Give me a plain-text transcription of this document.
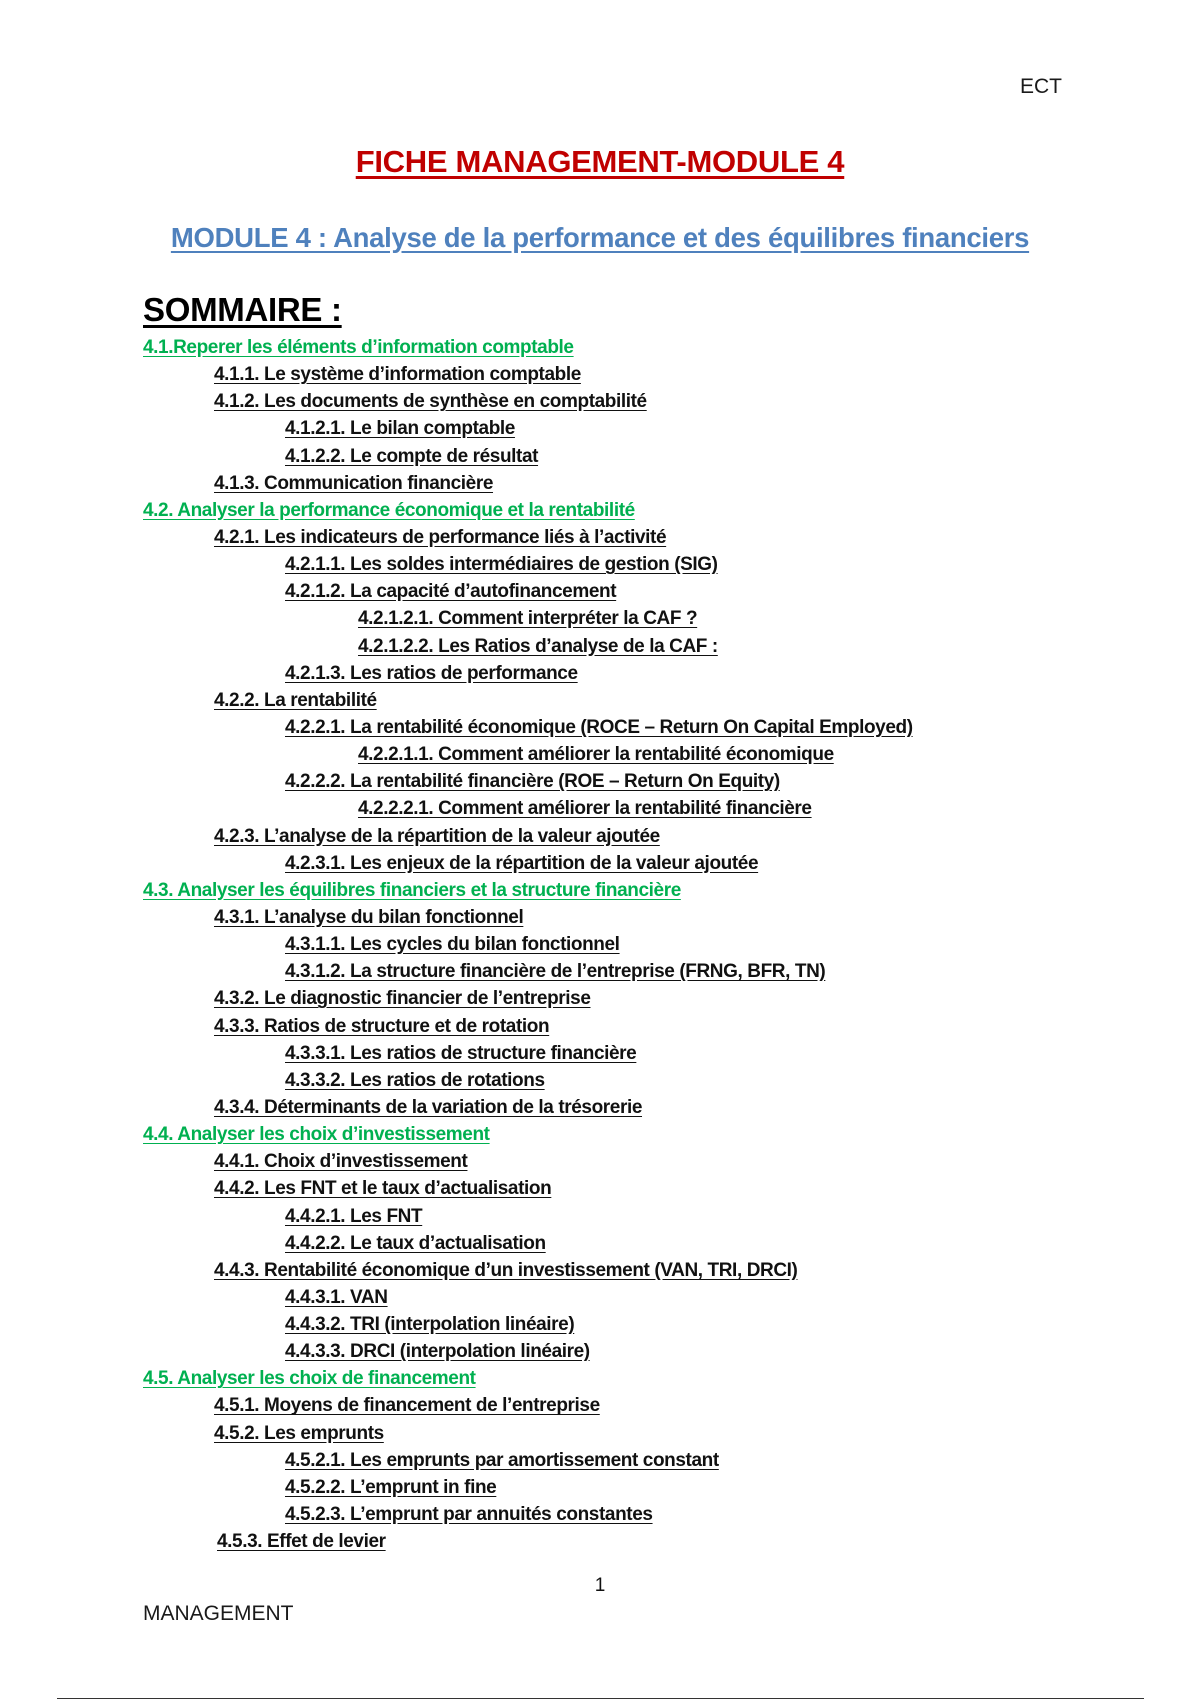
ECT
FICHE MANAGEMENT-MODULE 4
MODULE 4 : Analyse de la performance et des équilibres financiers
SOMMAIRE :
4.1.Reperer les éléments d’information comptable
4.1.1. Le système d’information comptable
4.1.2. Les documents de synthèse en comptabilité
4.1.2.1. Le bilan comptable
4.1.2.2. Le compte de résultat
4.1.3. Communication financière
4.2. Analyser la performance économique et la rentabilité
4.2.1. Les indicateurs de performance liés à l’activité
4.2.1.1. Les soldes intermédiaires de gestion (SIG)
4.2.1.2. La capacité d’autofinancement
4.2.1.2.1. Comment interpréter la CAF ?
4.2.1.2.2. Les Ratios d’analyse de la CAF :
4.2.1.3. Les ratios de performance
4.2.2. La rentabilité
4.2.2.1. La rentabilité économique (ROCE – Return On Capital Employed)
4.2.2.1.1. Comment améliorer la rentabilité économique
4.2.2.2. La rentabilité financière (ROE – Return On Equity)
4.2.2.2.1. Comment améliorer la rentabilité financière
4.2.3. L’analyse de la répartition de la valeur ajoutée
4.2.3.1. Les enjeux de la répartition de la valeur ajoutée
4.3. Analyser les équilibres financiers et la structure financière
4.3.1. L’analyse du bilan fonctionnel
4.3.1.1. Les cycles du bilan fonctionnel
4.3.1.2. La structure financière de l’entreprise (FRNG, BFR, TN)
4.3.2. Le diagnostic financier de l’entreprise
4.3.3. Ratios de structure et de rotation
4.3.3.1. Les ratios de structure financière
4.3.3.2. Les ratios de rotations
4.3.4. Déterminants de la variation de la trésorerie
4.4. Analyser les choix d’investissement
4.4.1. Choix d’investissement
4.4.2. Les FNT et le taux d’actualisation
4.4.2.1. Les FNT
4.4.2.2. Le taux d’actualisation
4.4.3. Rentabilité économique d’un investissement (VAN, TRI, DRCI)
4.4.3.1. VAN
4.4.3.2. TRI (interpolation linéaire)
4.4.3.3. DRCI (interpolation linéaire)
4.5. Analyser les choix de financement
4.5.1. Moyens de financement de l’entreprise
4.5.2. Les emprunts
4.5.2.1. Les emprunts par amortissement constant
4.5.2.2. L’emprunt in fine
4.5.2.3. L’emprunt par annuités constantes
4.5.3. Effet de levier
1
MANAGEMENT
